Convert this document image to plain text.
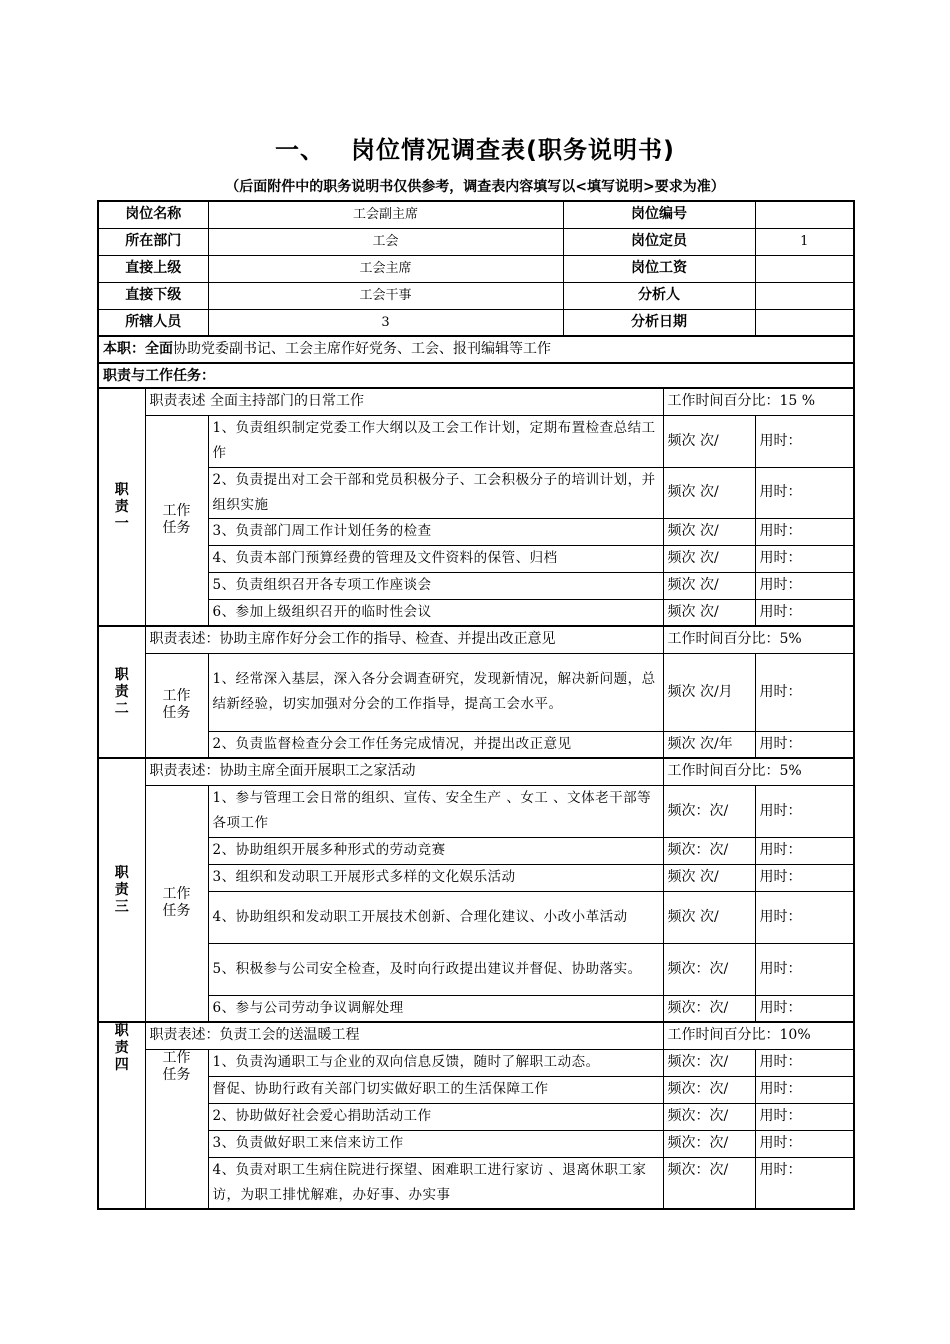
一、 岗位情况调查表(职务说明书)
（后面附件中的职务说明书仅供参考，调查表内容填写以<填写说明>要求为准）
岗位名称		工会副主席	岗位编号		
所在部门		工会	岗位定员		1
直接上级		工会主席	岗位工资		
直接下级		工会干事	分析人		
所辖人员		3	分析日期		
本职：全面协助党委副书记、工会主席作好党务、工会、报刊编辑等工作					
职责与工作任务：					

职
责
一	职责表述 全面主持部门的日常工作			工作时间百分比：15 %	

	工作
任务	1、负责组织制定党委工作大纲以及工会工作计划，定期布置检查总结工作		频次 次/	用时：
		2、负责提出对工会干部和党员积极分子、工会积极分子的培训计划，并组织实施		频次 次/	用时：
		3、负责部门周工作计划任务的检查		频次 次/	用时：
		4、负责本部门预算经费的管理及文件资料的保管、归档		频次 次/	用时：
		5、负责组织召开各专项工作座谈会		频次 次/	用时：
		6、参加上级组织召开的临时性会议		频次 次/	用时：

职
责
二	职责表述：协助主席作好分会工作的指导、检查、并提出改正意见			工作时间百分比：5%	

	工作
任务	1、经常深入基层，深入各分会调查研究，发现新情况，解决新问题，总结新经验，切实加强对分会的工作指导，提高工会水平。		频次 次/月	用时：
		2、负责监督检查分会工作任务完成情况，并提出改正意见		频次 次/年	用时：

职
责
三	职责表述：协助主席全面开展职工之家活动			工作时间百分比：5%	

	工作
任务	1、参与管理工会日常的组织、宣传、安全生产 、女工 、文体老干部等各项工作		频次：次/	用时：
		2、协助组织开展多种形式的劳动竞赛		频次：次/	用时：
		3、组织和发动职工开展形式多样的文化娱乐活动		频次 次/	用时：
		4、协助组织和发动职工开展技术创新、合理化建议、小改小革活动		频次 次/	用时：
		5、积极参与公司安全检查，及时向行政提出建议并督促、协助落实。		频次：次/	用时：
		6、参与公司劳动争议调解处理		频次：次/	用时：

职
责
四	职责表述：负责工会的送温暖工程			工作时间百分比：10%	

	工作
任务	1、负责沟通职工与企业的双向信息反馈，随时了解职工动态。		频次：次/	用时：
		督促、协助行政有关部门切实做好职工的生活保障工作		频次：次/	用时：
		2、协助做好社会爱心捐助活动工作		频次：次/	用时：
		3、负责做好职工来信来访工作		频次：次/	用时：
		4、负责对职工生病住院进行探望、困难职工进行家访 、退离休职工家访，为职工排忧解难，办好事、办实事		频次：次/	用时：
